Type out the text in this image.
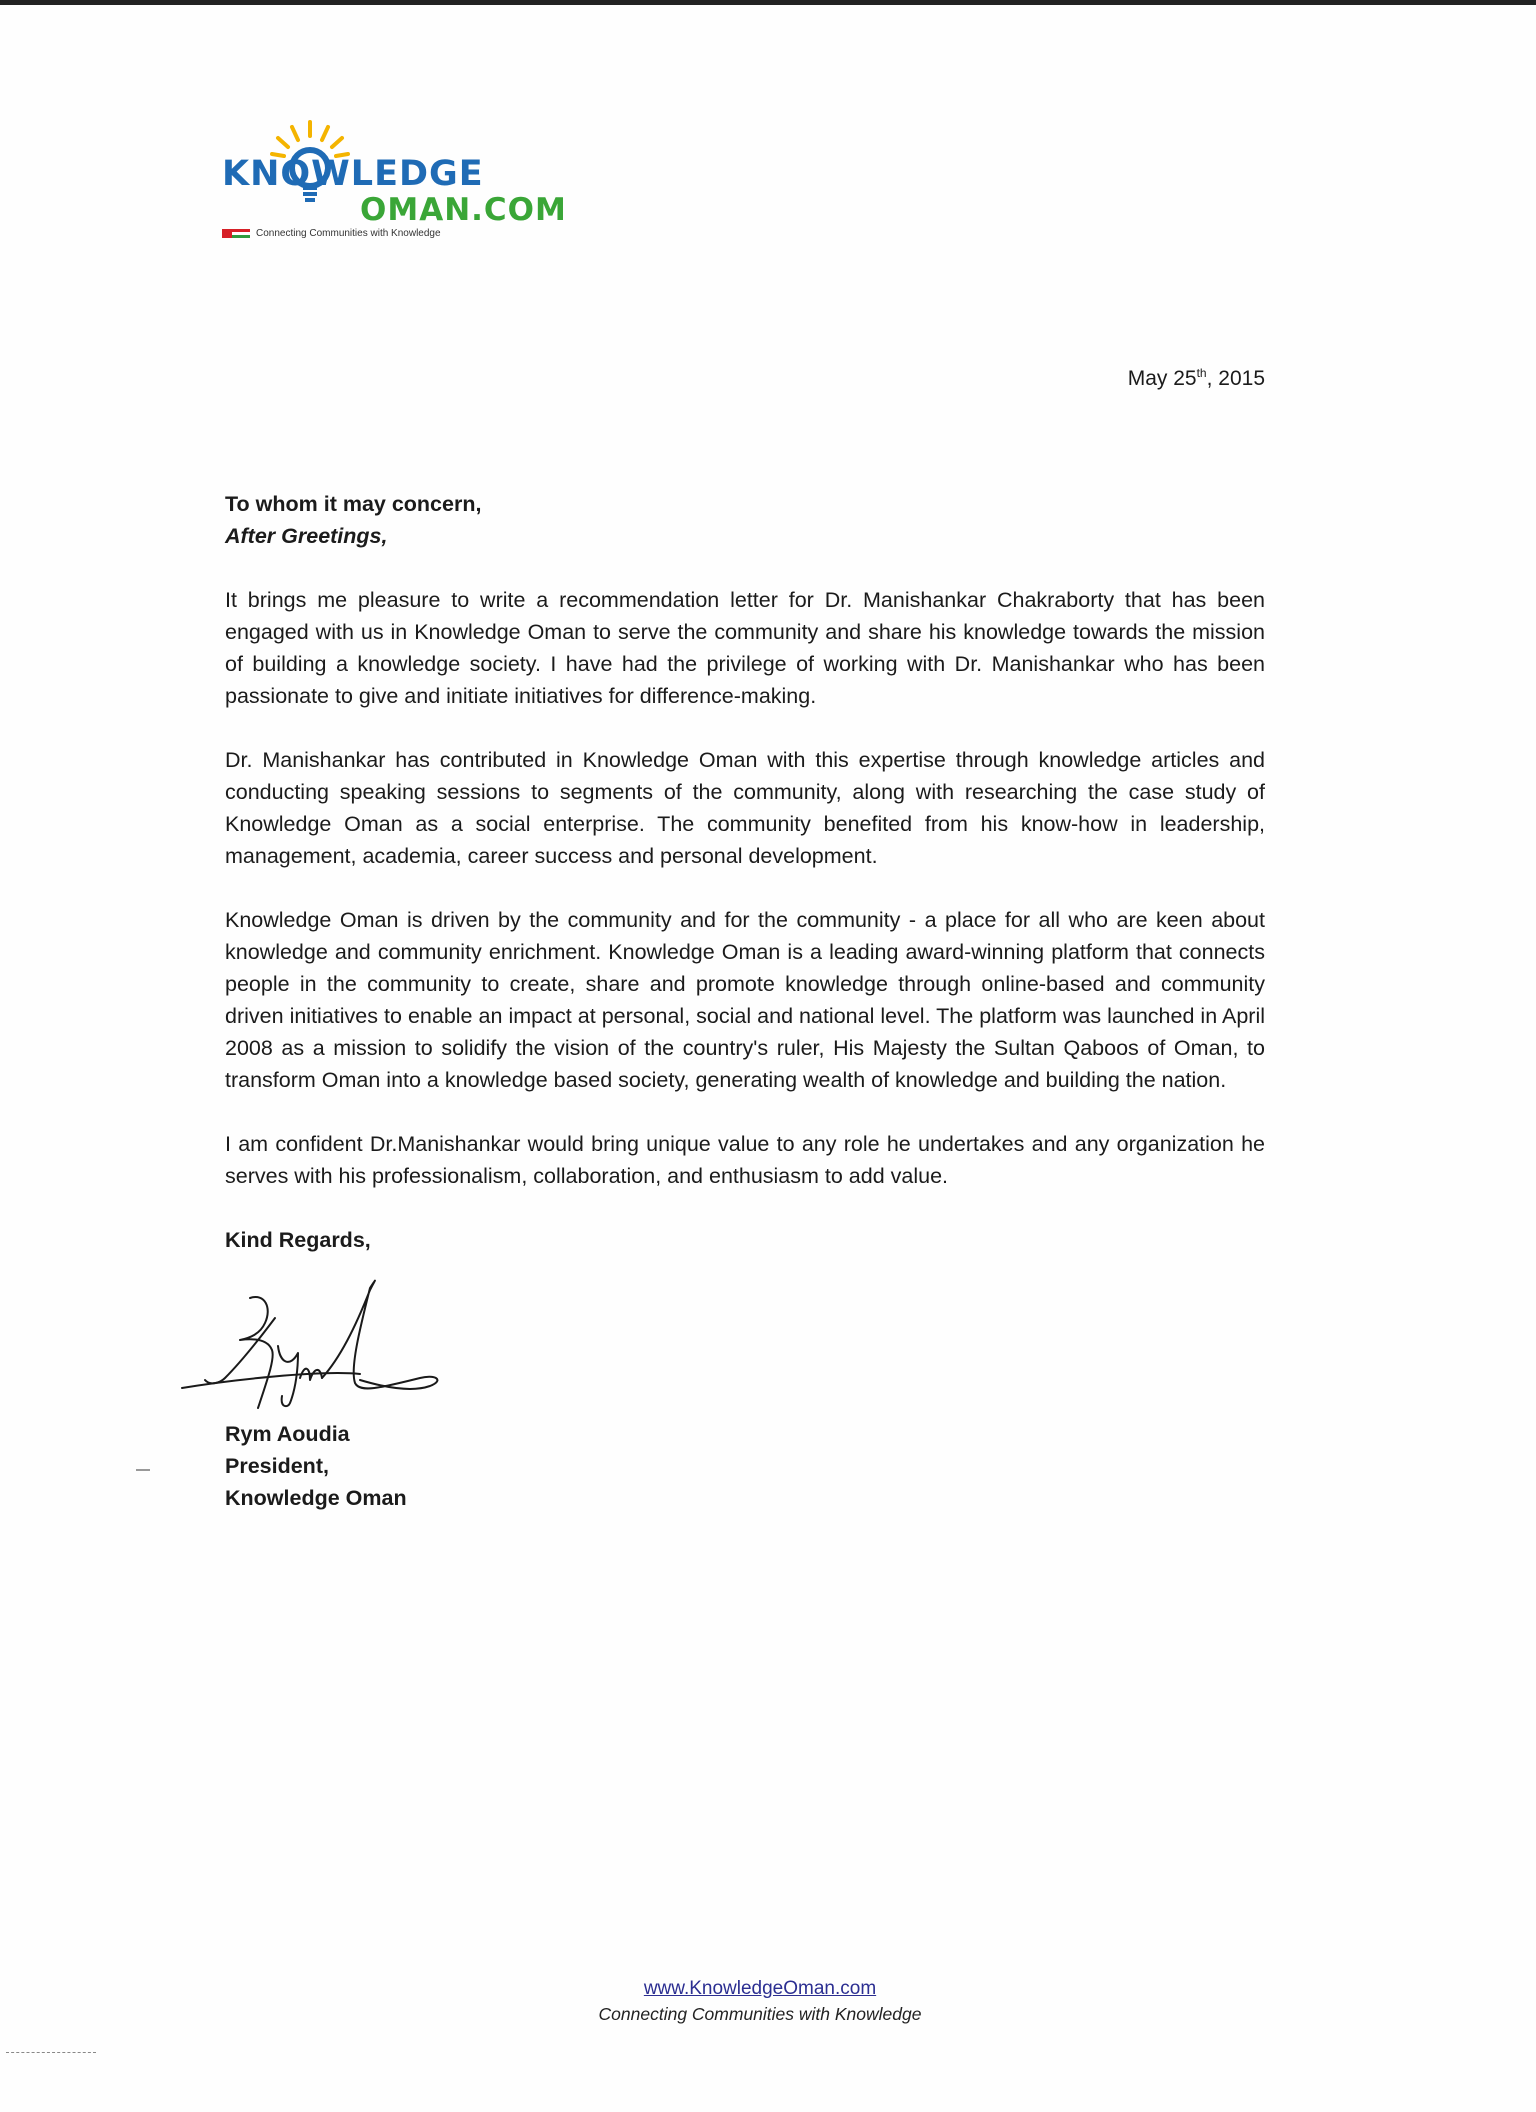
KNOWLEDGE
OMAN.COM
Connecting Communities with Knowledge
May 25th, 2015

To whom it may concern,

After Greetings,

It brings me pleasure to write a recommendation letter for Dr. Manishankar Chakraborty that has been engaged with us in Knowledge Oman to serve the community and share his knowledge towards the mission of building a knowledge society. I have had the privilege of working with Dr. Manishankar who has been passionate to give and initiate initiatives for difference-making.

Dr. Manishankar has contributed in Knowledge Oman with this expertise through knowledge articles and conducting speaking sessions to segments of the community, along with researching the case study of Knowledge Oman as a social enterprise. The community benefited from his know-how in leadership, management, academia, career success and personal development.

Knowledge Oman is driven by the community and for the community - a place for all who are keen about knowledge and community enrichment. Knowledge Oman is a leading award-winning platform that connects people in the community to create, share and promote knowledge through online-based and community driven initiatives to enable an impact at personal, social and national level. The platform was launched in April 2008 as a mission to solidify the vision of the country's ruler, His Majesty the Sultan Qaboos of Oman, to transform Oman into a knowledge based society, generating wealth of knowledge and building the nation.

I am confident Dr.Manishankar would bring unique value to any role he undertakes and any organization he serves with his professionalism, collaboration, and enthusiasm to add value.

Kind Regards,

Rym Aoudia
President,
Knowledge Oman
www.KnowledgeOman.com
Connecting Communities with Knowledge
